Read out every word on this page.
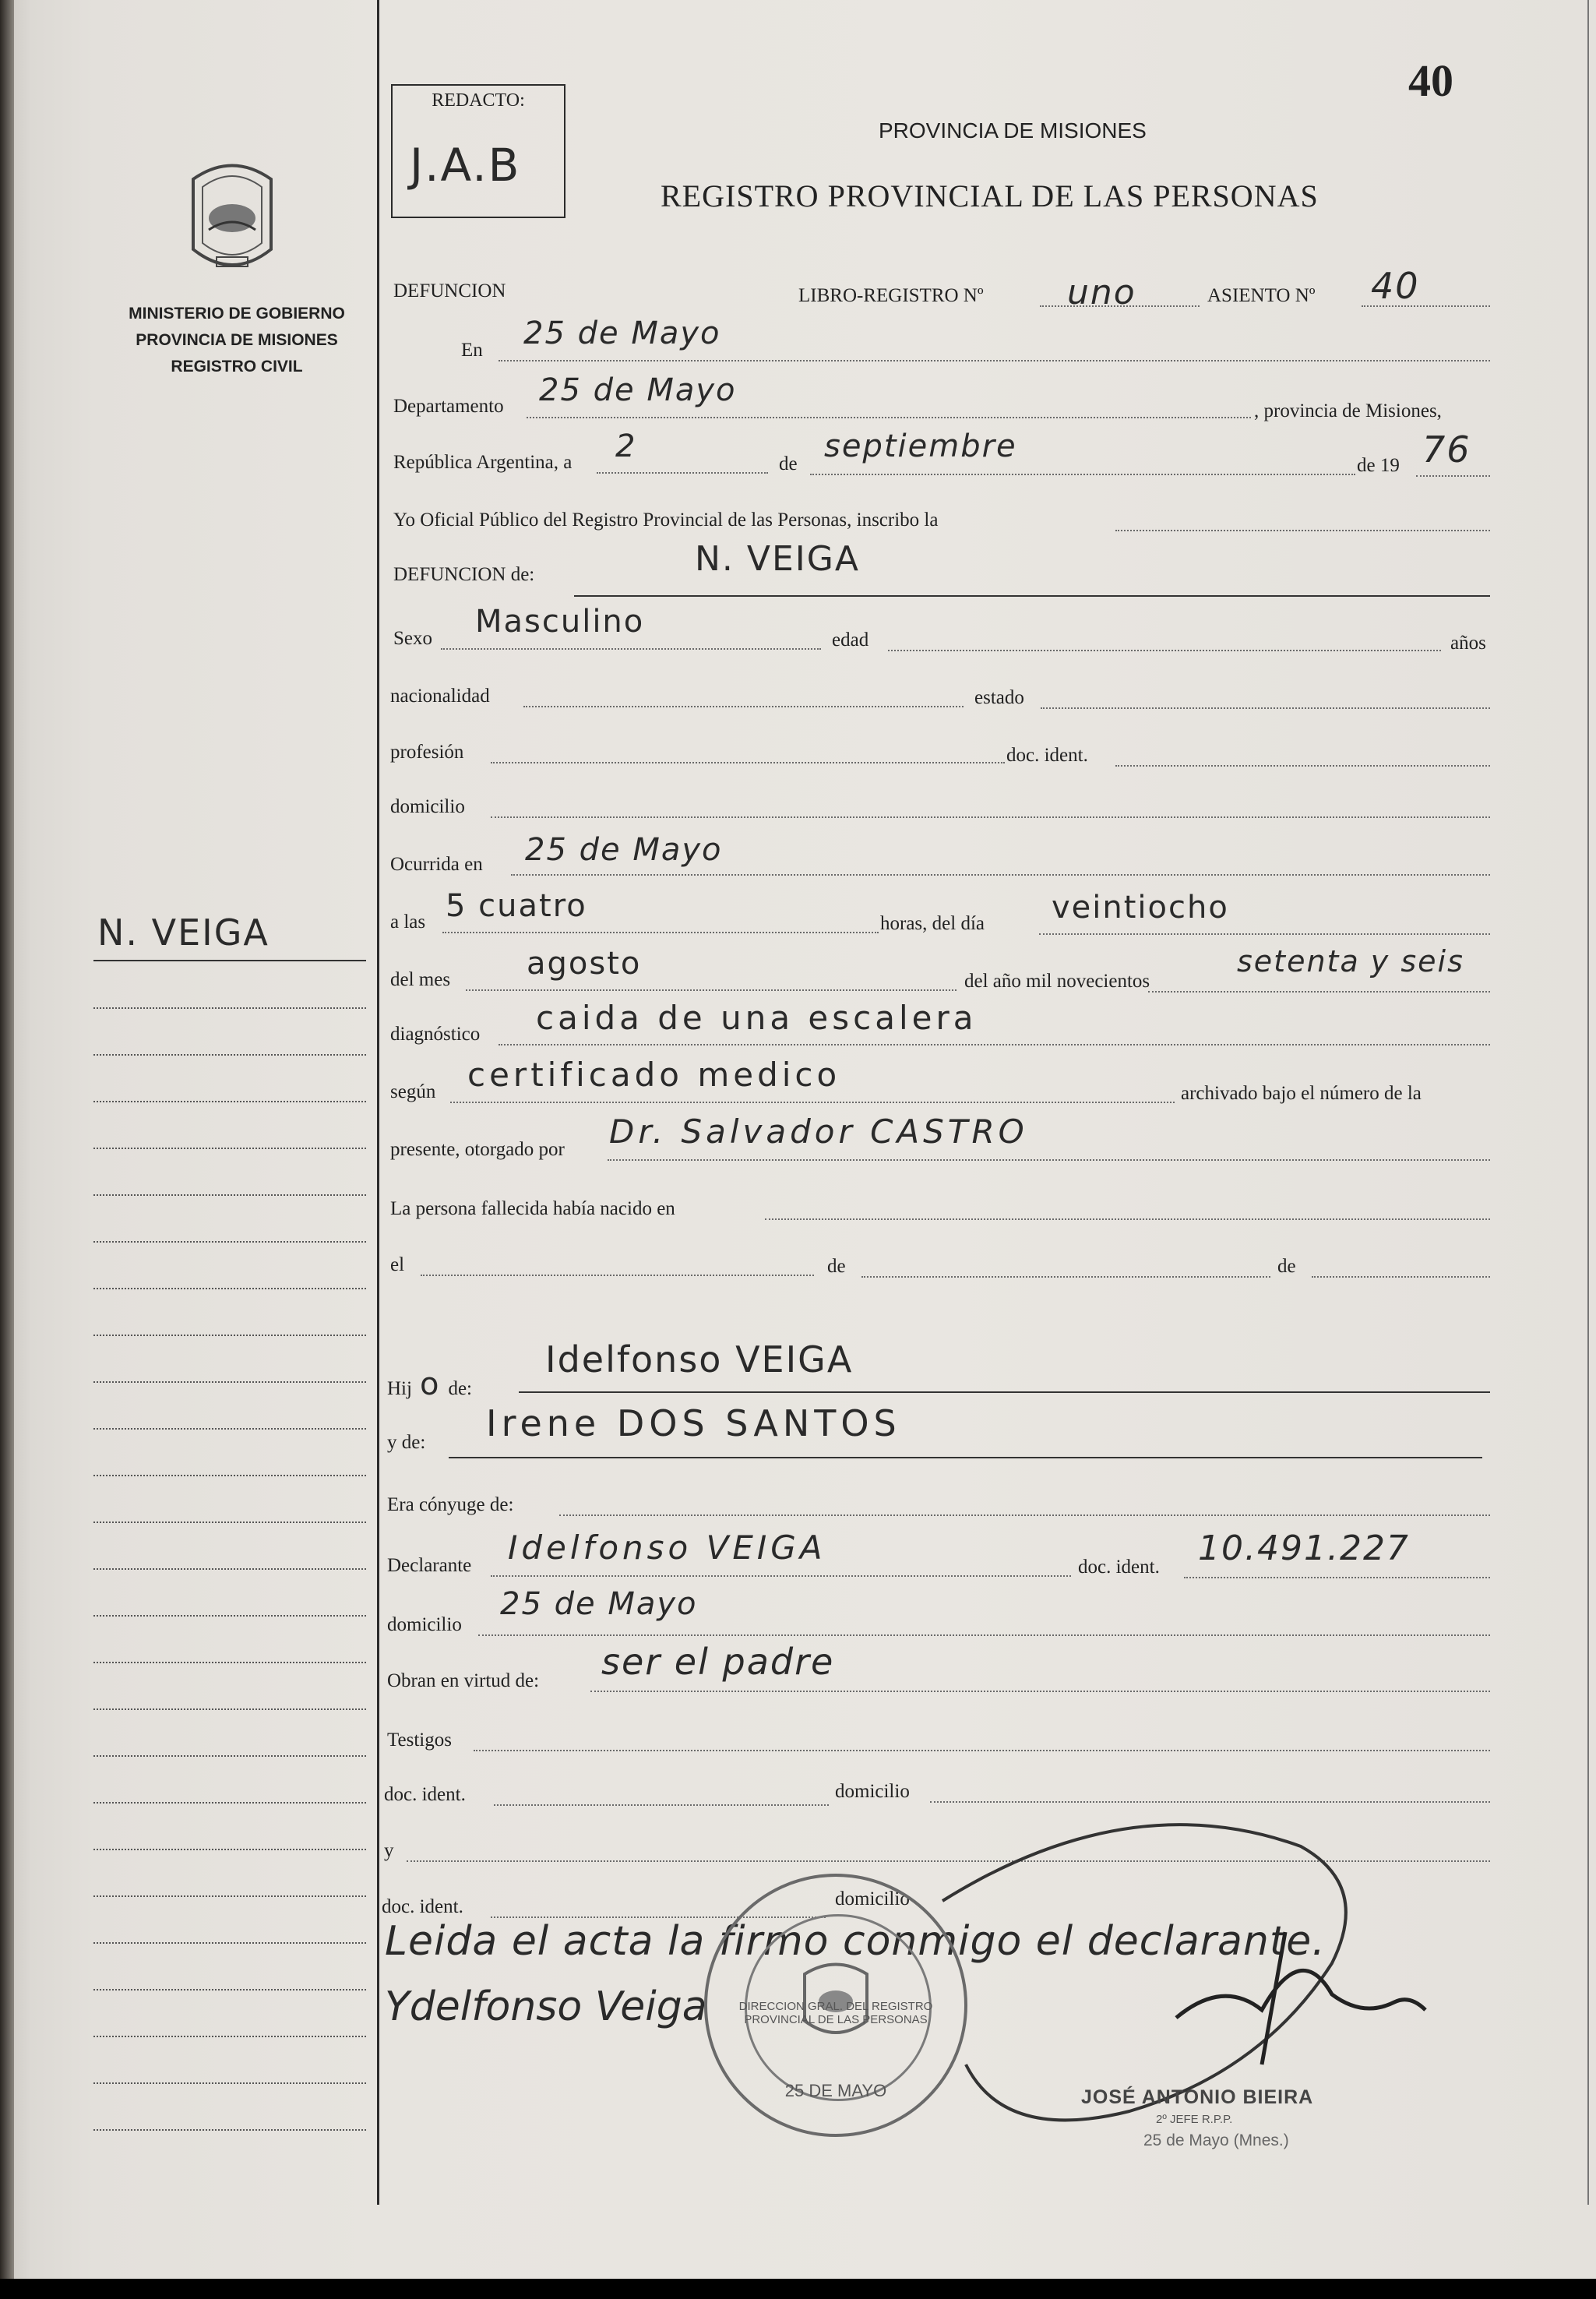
MINISTERIO DE GOBIERNO
PROVINCIA DE MISIONES
REGISTRO CIVIL
N. VEIGA
REDACTO:
J.A.B
40
PROVINCIA DE MISIONES
REGISTRO PROVINCIAL DE LAS PERSONAS
DEFUNCION	LIBRO-REGISTRO Nº uno	ASIENTO Nº 40
En 25 de Mayo
Departamento 25 de Mayo
, provincia de Misiones,
República Argentina, a 2	de septiembre
de 19 76
Yo Oficial Público del Registro Provincial de las Personas, inscribo la
DEFUNCION de:	N. VEIGA
Sexo Masculino
edad	años
nacionalidad	estado
profesión	doc. ident.
domicilio
Ocurrida en 25 de Mayo
a las 5 cuatro	horas, del día veintiocho
del mes agosto	del año mil novecientos
setenta y seis
diagnóstico caida de una escalera
según certificado medico	archivado bajo el número de la
presente, otorgado por Dr. Salvador CASTRO
La persona fallecida había nacido en
el	de	de
Hij o de:
Idelfonso VEIGA
y de: Irene DOS SANTOS
Era cónyuge de:
Declarante Idelfonso VEIGA
doc. ident. 10.491.227
domicilio
25 de Mayo
Obran en virtud de: ser el padre
Testigos
doc. ident.	domicilio
y
doc. ident.	domicilio
Leida el acta la firmo conmigo el declarante.
Ydelfonso Veiga	DIRECCION GRAL. DEL REGISTRO PROVINCIAL DE LAS PERSONAS
25 DE MAYO	JOSÉ ANTONIO BIEIRA
2º JEFE R.P.P.
25 de Mayo (Mnes.)
